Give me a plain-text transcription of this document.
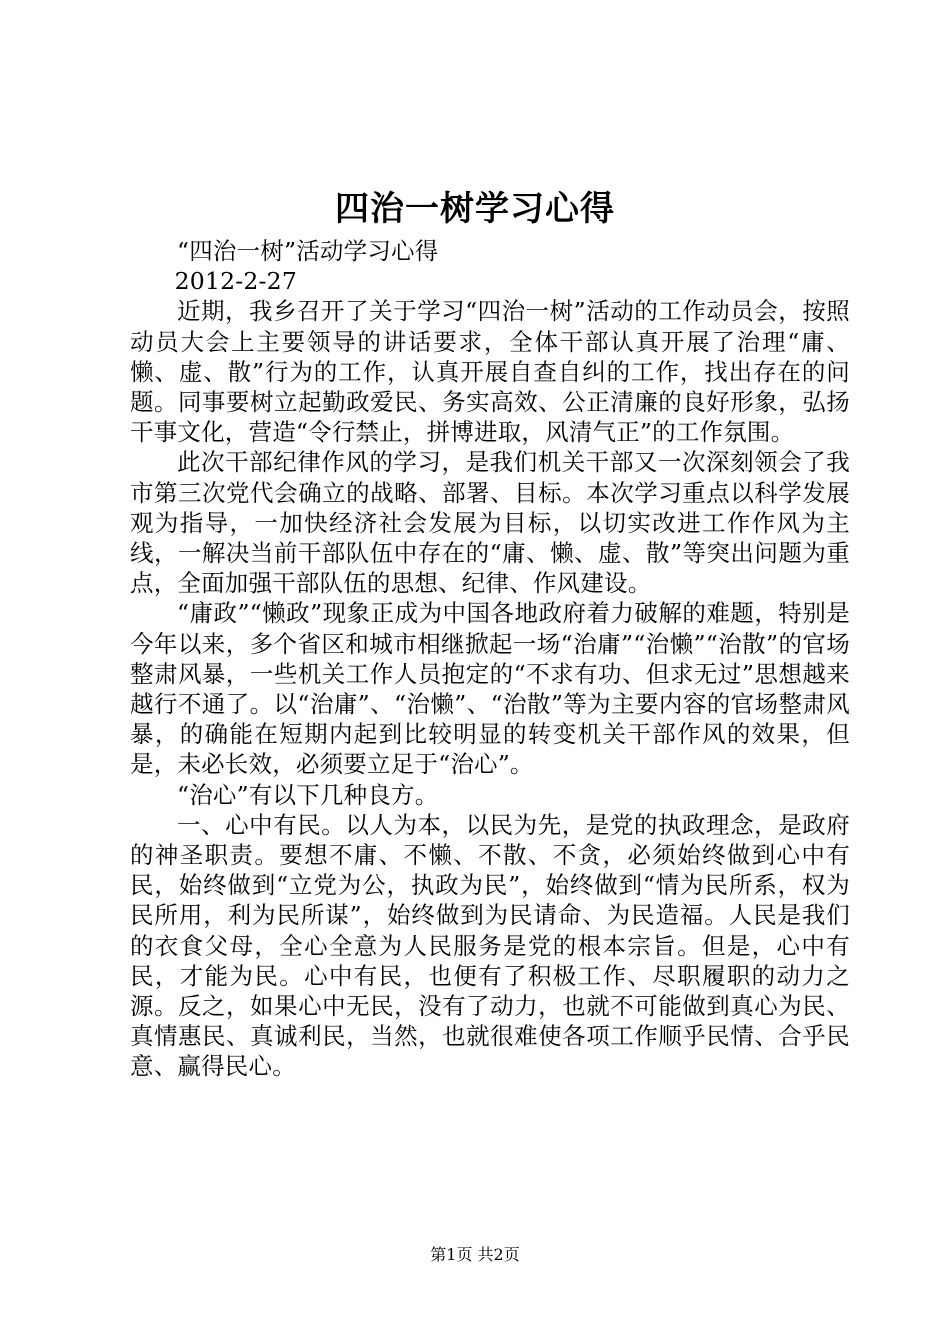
四治一树学习心得

“四治一树”活动学习心得

2012-2-27

近期，我乡召开了关于学习“四治一树”活动的工作动员会，按照动员大会上主要领导的讲话要求，全体干部认真开展了治理“庸、懒、虚、散”行为的工作，认真开展自查自纠的工作，找出存在的问题。同事要树立起勤政爱民、务实高效、公正清廉的良好形象，弘扬干事文化，营造“令行禁止，拼博进取，风清气正”的工作氛围。

此次干部纪律作风的学习，是我们机关干部又一次深刻领会了我市第三次党代会确立的战略、部署、目标。本次学习重点以科学发展观为指导，一加快经济社会发展为目标，以切实改进工作作风为主线，一解决当前干部队伍中存在的“庸、懒、虚、散”等突出问题为重点，全面加强干部队伍的思想、纪律、作风建设。

“庸政”“懒政”现象正成为中国各地政府着力破解的难题，特别是今年以来，多个省区和城市相继掀起一场“治庸”“治懒”“治散”的官场整肃风暴，一些机关工作人员抱定的“不求有功、但求无过”思想越来越行不通了。以“治庸”、“治懒”、“治散”等为主要内容的官场整肃风暴，的确能在短期内起到比较明显的转变机关干部作风的效果，但是，未必长效，必须要立足于“治心”。

“治心”有以下几种良方。

一、心中有民。以人为本，以民为先，是党的执政理念，是政府的神圣职责。要想不庸、不懒、不散、不贪，必须始终做到心中有民，始终做到“立党为公，执政为民”，始终做到“情为民所系，权为民所用，利为民所谋”，始终做到为民请命、为民造福。人民是我们的衣食父母，全心全意为人民服务是党的根本宗旨。但是，心中有民，才能为民。心中有民，也便有了积极工作、尽职履职的动力之源。反之，如果心中无民，没有了动力，也就不可能做到真心为民、真情惠民、真诚利民，当然，也就很难使各项工作顺乎民情、合乎民意、赢得民心。

第1页 共2页
